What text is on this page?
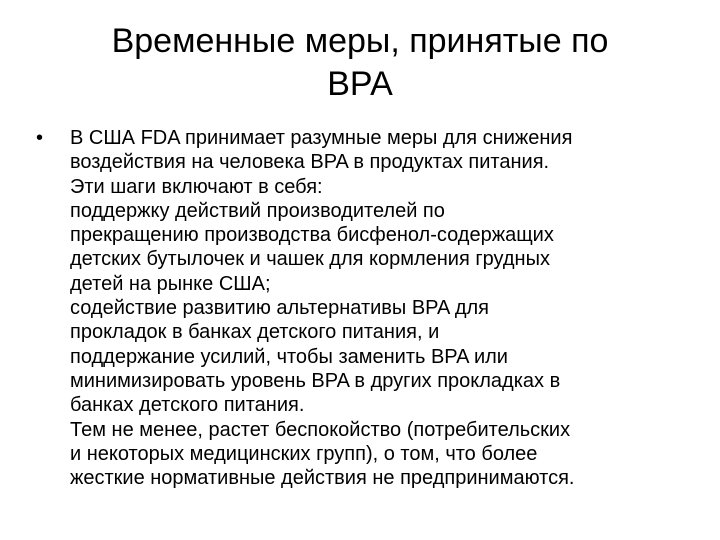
Временные меры, принятые по
BPA
•	В США FDA принимает разумные меры для снижения
воздействия на человека BPA в продуктах питания.
Эти шаги включают в себя:
поддержку действий производителей по
прекращению производства бисфенол-содержащих
детских бутылочек и чашек для кормления грудных
детей на рынке США;
содействие развитию альтернативы BPA для
прокладок в банках детского питания, и
поддержание усилий, чтобы заменить BPA или
минимизировать уровень BPA в других прокладках в
банках детского питания.
Тем не менее, растет беспокойство (потребительских
и некоторых медицинских групп), о том, что более
жесткие нормативные действия не предпринимаются.
